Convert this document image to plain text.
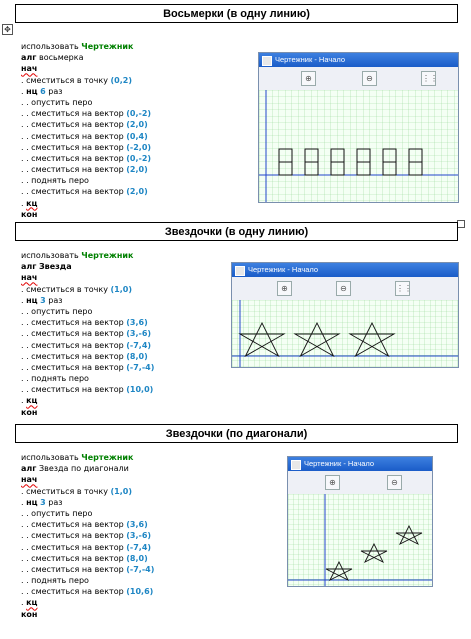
✥
Восьмерки (в одну линию)
использовать Чертежник
алг восьмерка
нач
. сместиться в точку (0,2)
. нц 6 раз
. . опустить перо
. . сместиться на вектор (0,-2)
. . сместиться на вектор (2,0)
. . сместиться на вектор (0,4)
. . сместиться на вектор (-2,0)
. . сместиться на вектор (0,-2)
. . сместиться на вектор (2,0)
. . поднять перо
. . сместиться на вектор (2,0)
. кц
кон
Чертежник - Начало
⊕	⊖	⋮⋮
Звездочки (в одну линию)
использовать Чертежник
алг Звезда
нач
. сместиться в точку (1,0)
. нц 3 раз
. . опустить перо
. . сместиться на вектор (3,6)
. . сместиться на вектор (3,-6)
. . сместиться на вектор (-7,4)
. . сместиться на вектор (8,0)
. . сместиться на вектор (-7,-4)
. . поднять перо
. . сместиться на вектор (10,0)
. кц
кон
Чертежник - Начало
⊕	⊖	⋮⋮
Звездочки (по диагонали)
использовать Чертежник
алг Звезда по диагонали
нач
. сместиться в точку (1,0)
. нц 3 раз
. . опустить перо
. . сместиться на вектор (3,6)
. . сместиться на вектор (3,-6)
. . сместиться на вектор (-7,4)
. . сместиться на вектор (8,0)
. . сместиться на вектор (-7,-4)
. . поднять перо
. . сместиться на вектор (10,6)
. кц
кон
Чертежник - Начало
⊕	⊖
